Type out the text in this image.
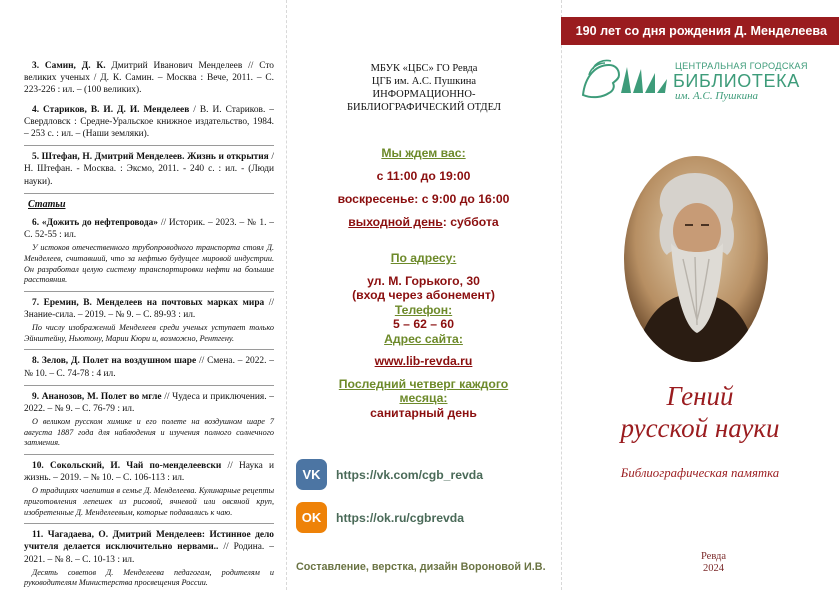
3. Самин, Д. К. Дмитрий Иванович Менделеев // Сто великих ученых / Д. К. Самин. – Москва : Вече, 2011. – С. 223-226 : ил. – (100 великих).
4. Стариков, В. И. Д. И. Менделеев / В. И. Стариков. – Свердловск : Средне-Уральское книжное издательство, 1984. – 253 с. : ил. – (Наши земляки).
5. Штефан, Н. Дмитрий Менделеев. Жизнь и открытия / Н. Штефан. - Москва. : Эксмо, 2011. - 240 с. : ил. - (Люди науки).
Статьи
6. «Дожить до нефтепровода» // Историк. – 2023. – № 1. – С. 52-55 : ил.
У истоков отечественного трубопроводного транспорта стоял Д. Менделеев, считавший, что за нефтью будущее мировой индустрии. Он разработал целую систему транспортировки нефти на большие расстояния.
7. Еремин, В. Менделеев на почтовых марках мира // Знание-сила. – 2019. – № 9. – С. 89-93 : ил.
По числу изображений Менделеев среди ученых уступает только Эйнштейну, Ньютону, Марии Кюри и, возможно, Рентгену.
8. Зелов, Д. Полет на воздушном шаре // Смена. – 2022. – № 10. – С. 74-78 : 4 ил.
9. Ананозов, М. Полет во мгле // Чудеса и приключения. – 2022. – № 9. – С. 76-79 : ил.
О великом русском химике и его полете на воздушном шаре 7 августа 1887 года для наблюдения и изучения полного солнечного затмения.
10. Сокольский, И. Чай по-менделеевски // Наука и жизнь. – 2019. – № 10. – С. 106-113 : ил.
О традициях чаепития в семье Д. Менделеева. Кулинарные рецепты приготовления лепешек из рисовой, ячневой или овсяной круп, изобретенные Д. Менделеевым, которые подавались к чаю.
11. Чагадаева, О. Дмитрий Менделеев: Истинное дело учителя делается исключительно нервами.. // Родина. – 2021. – № 8. – С. 10-13 : ил.
Десять советов Д. Менделеева педагогам, родителям и руководителям Министерства просвещения России.
МБУК «ЦБС» ГО Ревда
ЦГБ им. А.С. Пушкина
ИНФОРМАЦИОННО-
БИБЛИОГРАФИЧЕСКИЙ ОТДЕЛ
Мы ждем вас:
с 11:00 до 19:00
воскресенье: с 9:00 до 16:00
выходной день: суббота
По адресу:
ул. М. Горького, 30
(вход через абонемент)
Телефон:
5 – 62 – 60
Адрес сайта:
www.lib-revda.ru
Последний четверг каждого месяца:
санитарный день
VK	https://vk.com/cgb_revda
OK	https://ok.ru/cgbrevda
Составление, верстка, дизайн Вороновой И.В.
190 лет со дня рождения Д. Менделеева
ЦЕНТРАЛЬНАЯ ГОРОДСКАЯ
БИБЛИОТЕКА
им. А.С. Пушкина
Гений
русской науки
Библиографическая памятка
Ревда
2024
